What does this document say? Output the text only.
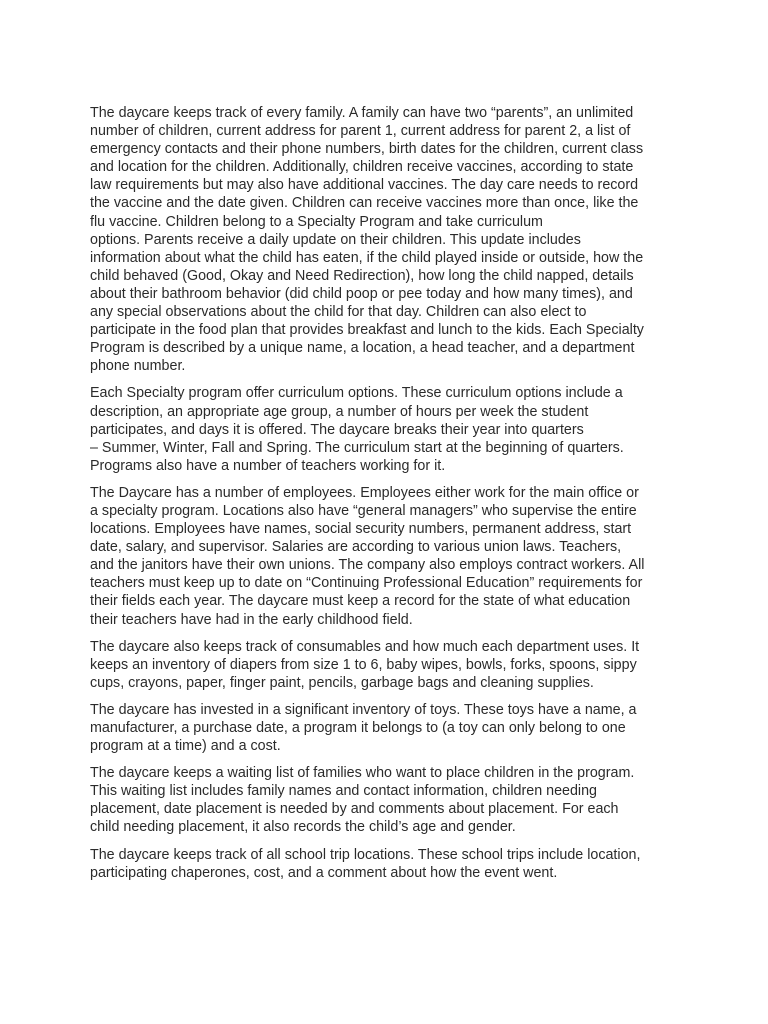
The daycare keeps track of every family. A family can have two “parents”, an unlimited
number of children, current address for parent 1, current address for parent 2, a list of
emergency contacts and their phone numbers, birth dates for the children, current class
and location for the children. Additionally, children receive vaccines, according to state
law requirements but may also have additional vaccines. The day care needs to record
the vaccine and the date given. Children can receive vaccines more than once, like the
flu vaccine. Children belong to a Specialty Program and take curriculum
options. Parents receive a daily update on their children. This update includes
information about what the child has eaten, if the child played inside or outside, how the
child behaved (Good, Okay and Need Redirection), how long the child napped, details
about their bathroom behavior (did child poop or pee today and how many times), and
any special observations about the child for that day. Children can also elect to
participate in the food plan that provides breakfast and lunch to the kids. Each Specialty
Program is described by a unique name, a location, a head teacher, and a department
phone number.

Each Specialty program offer curriculum options. These curriculum options include a
description, an appropriate age group, a number of hours per week the student
participates, and days it is offered. The daycare breaks their year into quarters
– Summer, Winter, Fall and Spring. The curriculum start at the beginning of quarters.
Programs also have a number of teachers working for it.

The Daycare has a number of employees. Employees either work for the main office or
a specialty program. Locations also have “general managers” who supervise the entire
locations. Employees have names, social security numbers, permanent address, start
date, salary, and supervisor. Salaries are according to various union laws. Teachers,
and the janitors have their own unions. The company also employs contract workers. All
teachers must keep up to date on “Continuing Professional Education” requirements for
their fields each year. The daycare must keep a record for the state of what education
their teachers have had in the early childhood field.

The daycare also keeps track of consumables and how much each department uses. It
keeps an inventory of diapers from size 1 to 6, baby wipes, bowls, forks, spoons, sippy
cups, crayons, paper, finger paint, pencils, garbage bags and cleaning supplies.

The daycare has invested in a significant inventory of toys. These toys have a name, a
manufacturer, a purchase date, a program it belongs to (a toy can only belong to one
program at a time) and a cost.

The daycare keeps a waiting list of families who want to place children in the program.
This waiting list includes family names and contact information, children needing
placement, date placement is needed by and comments about placement. For each
child needing placement, it also records the child’s age and gender.

The daycare keeps track of all school trip locations. These school trips include location,
participating chaperones, cost, and a comment about how the event went.
